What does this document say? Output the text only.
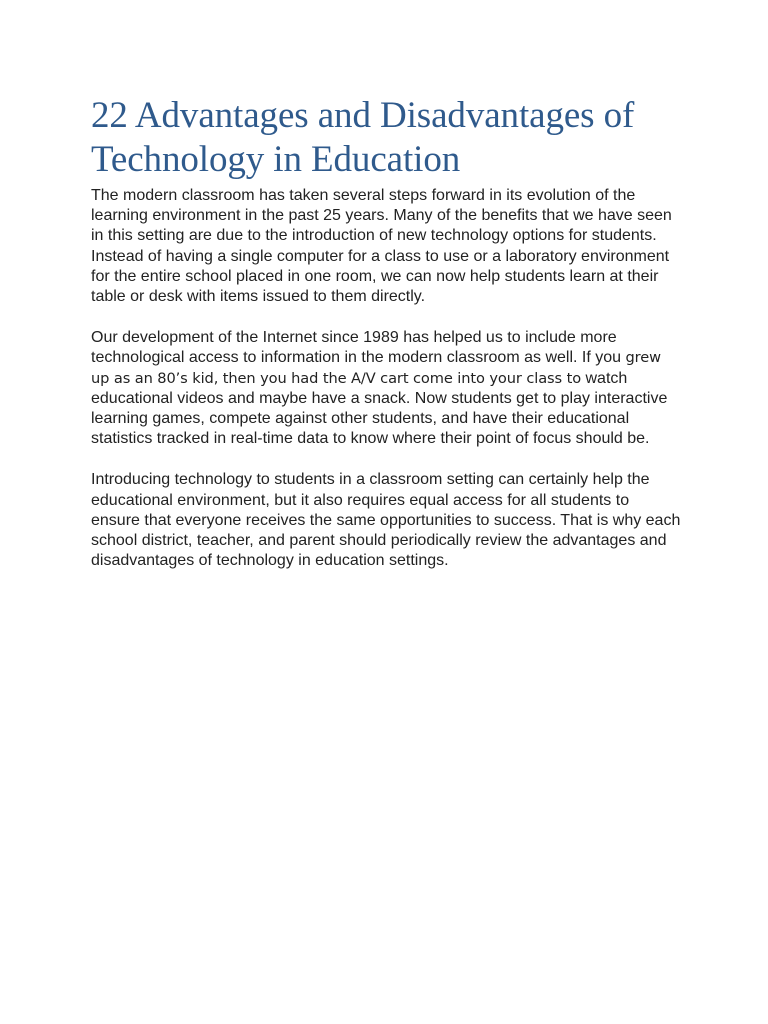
22 Advantages and Disadvantages of Technology in Education

The modern classroom has taken several steps forward in its evolution of the learning environment in the past 25 years. Many of the benefits that we have seen in this setting are due to the introduction of new technology options for students. Instead of having a single computer for a class to use or a laboratory environment for the entire school placed in one room, we can now help students learn at their table or desk with items issued to them directly.

Our development of the Internet since 1989 has helped us to include more technological access to information in the modern classroom as well. If you grew up as an 80’s kid, then you had the A/V cart come into your class to watch educational videos and maybe have a snack. Now students get to play interactive learning games, compete against other students, and have their educational statistics tracked in real-time data to know where their point of focus should be.

Introducing technology to students in a classroom setting can certainly help the educational environment, but it also requires equal access for all students to ensure that everyone receives the same opportunities to success. That is why each school district, teacher, and parent should periodically review the advantages and disadvantages of technology in education settings.
